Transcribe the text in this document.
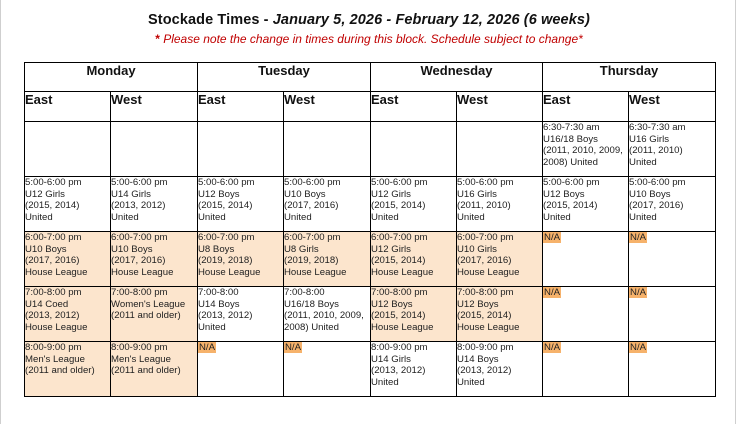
Stockade Times - January 5, 2026 - February 12, 2026 (6 weeks)
* Please note the change in times during this block. Schedule subject to change*
Monday		Tuesday		Wednesday		Thursday	
East	West	East	West	East	West	East	West

						6:30-7:30 am
U16/18 Boys
(2011, 2010, 2009,
2008) United	6:30-7:30 am
U16 Girls
(2011, 2010)
United

5:00-6:00 pm
U12 Girls
(2015, 2014)
United	5:00-6:00 pm
U14 Girls
(2013, 2012)
United	5:00-6:00 pm
U12 Boys
(2015, 2014)
United	5:00-6:00 pm
U10 Boys
(2017, 2016)
United	5:00-6:00 pm
U12 Girls
(2015, 2014)
United	5:00-6:00 pm
U16 Girls
(2011, 2010)
United	5:00-6:00 pm
U12 Boys
(2015, 2014)
United	5:00-6:00 pm
U10 Boys
(2017, 2016)
United

6:00-7:00 pm
U10 Boys
(2017, 2016)
House League	6:00-7:00 pm
U10 Boys
(2017, 2016)
House League	6:00-7:00 pm
U8 Boys
(2019, 2018)
House League	6:00-7:00 pm
U8 Girls
(2019, 2018)
House League	6:00-7:00 pm
U12 Girls
(2015, 2014)
House League	6:00-7:00 pm
U10 Girls
(2017, 2016)
House League	N/A	N/A

7:00-8:00 pm
U14 Coed
(2013, 2012)
House League	7:00-8:00 pm
Women's League
(2011 and older)	7:00-8:00
U14 Boys
(2013, 2012)
United	7:00-8:00
U16/18 Boys
(2011, 2010, 2009,
2008) United	7:00-8:00 pm
U12 Boys
(2015, 2014)
House League	7:00-8:00 pm
U12 Boys
(2015, 2014)
House League	N/A	N/A

8:00-9:00 pm
Men's League
(2011 and older)	8:00-9:00 pm
Men's League
(2011 and older)	N/A	N/A	8:00-9:00 pm
U14 Girls
(2013, 2012)
United	8:00-9:00 pm
U14 Boys
(2013, 2012)
United	N/A	N/A
